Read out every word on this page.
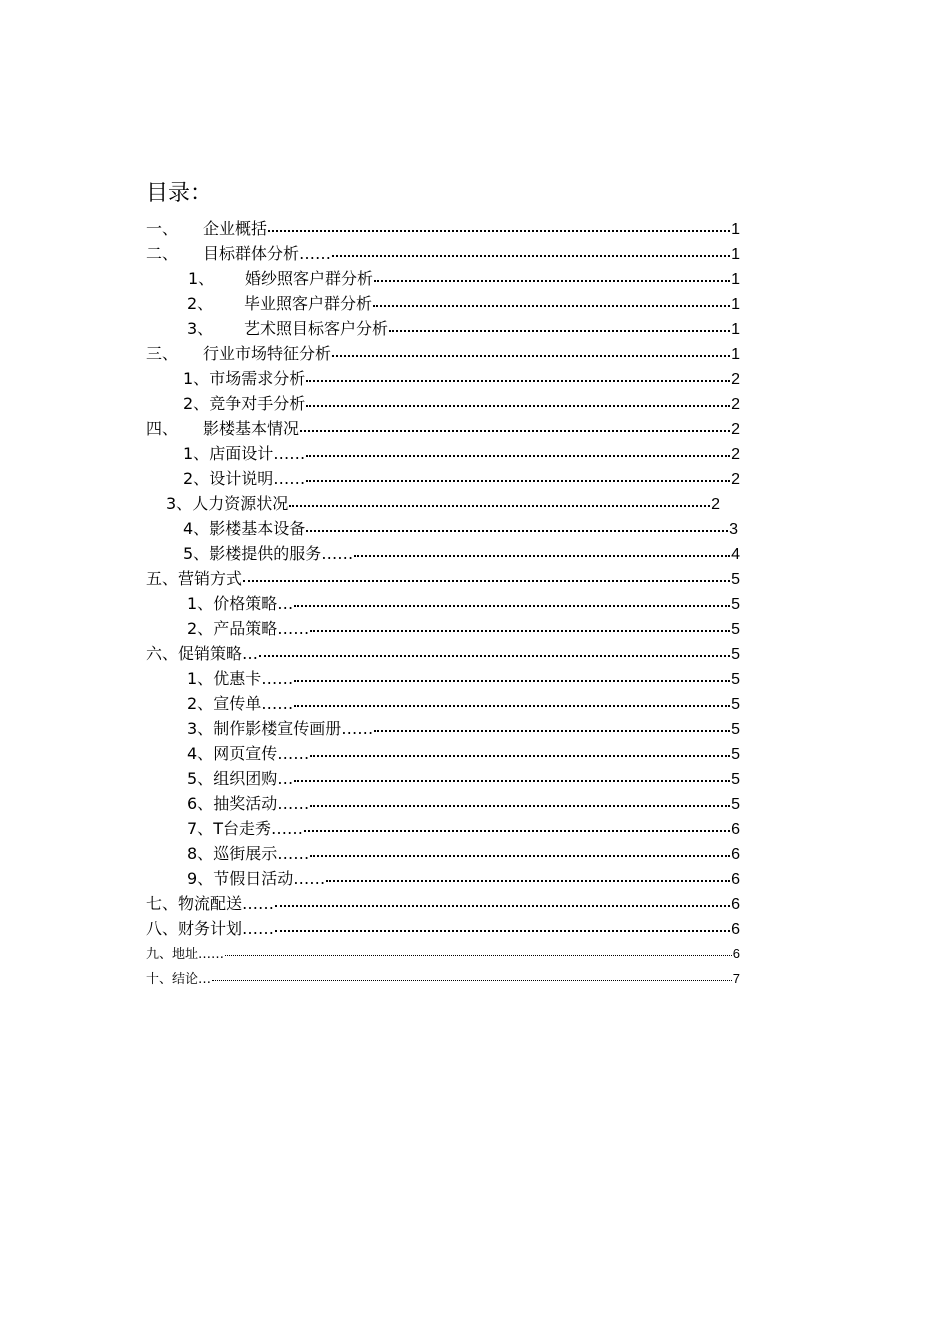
目录：
一、	企业概括	1
二、	目标群体分析……	1
1、	婚纱照客户群分析	1
2、	毕业照客户群分析	1
3、	艺术照目标客户分析	1
三、	行业市场特征分析	1
1、 市场需求分析	2
2、 竞争对手分析	2
四、	影楼基本情况	2
1、 店面设计……	2
2、 设计说明……	2
3、 人力资源状况	2
4、 影楼基本设备	3
5、 影楼提供的服务……	4
五、 营销方式	5
1、 价格策略…	5
2、 产品策略……	5
六、 促销策略…	5
1、 优惠卡……	5
2、 宣传单……	5
3、 制作影楼宣传画册……	5
4、 网页宣传……	5
5、 组织团购…	5
6、 抽奖活动……	5
7、 T台走秀……	6
8、 巡街展示……	6
9、 节假日活动……	6
七、 物流配送……	6
八、 财务计划……	6
九、 地址……	6
十、 结论…	7
